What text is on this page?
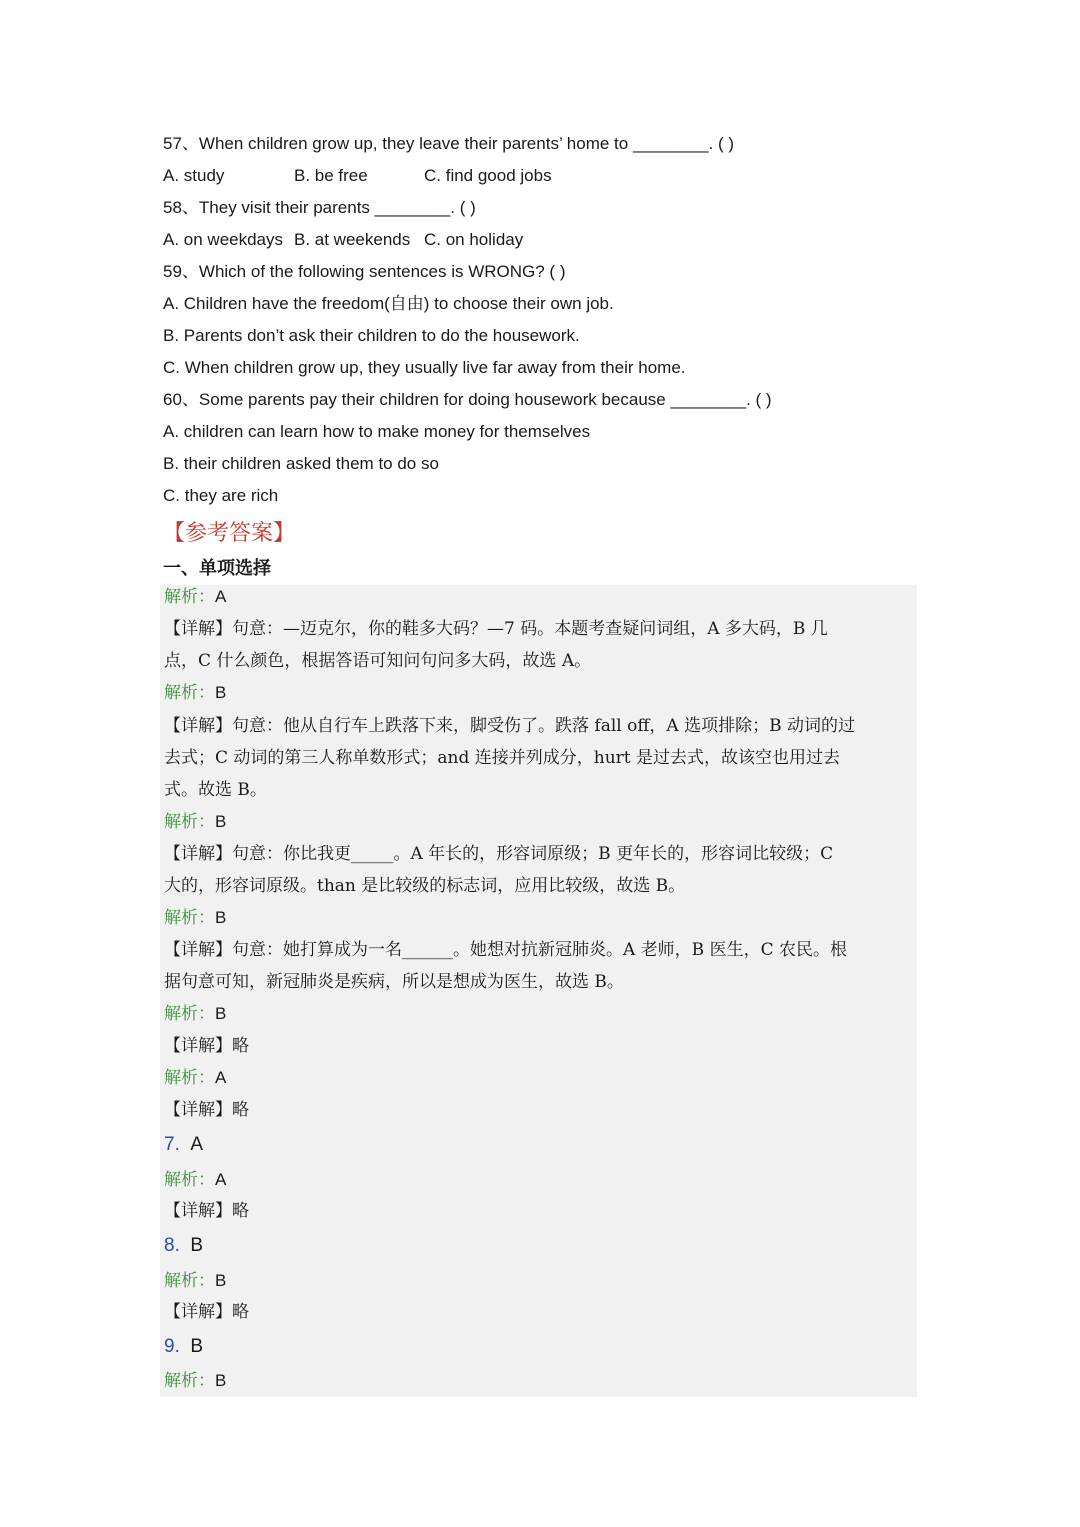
57、When children grow up, they leave their parents’ home to ________. ( )
A. study	B. be free	C. find good jobs
58、They visit their parents ________. ( )
A. on weekdays B. at weekends C. on holiday
59、Which of the following sentences is WRONG? ( )
A. Children have the freedom(自由) to choose their own job.
B. Parents don’t ask their children to do the housework.
C. When children grow up, they usually live far away from their home.
60、Some parents pay their children for doing housework because ________. ( )
A. children can learn how to make money for themselves
B. their children asked them to do so
C. they are rich
【参考答案】
一、单项选择
解析：A
【详解】句意：—迈克尔，你的鞋多大码？—7 码。本题考查疑问词组，A 多大码，B 几
点，C 什么颜色，根据答语可知问句问多大码，故选 A。
解析：B
【详解】句意：他从自行车上跌落下来，脚受伤了。跌落 fall off，A 选项排除；B 动词的过
去式；C 动词的第三人称单数形式；and 连接并列成分，hurt 是过去式，故该空也用过去
式。故选 B。
解析：B
【详解】句意：你比我更_____。A 年长的，形容词原级；B 更年长的，形容词比较级；C
大的，形容词原级。than 是比较级的标志词，应用比较级，故选 B。
解析：B
【详解】句意：她打算成为一名______。她想对抗新冠肺炎。A 老师，B 医生，C 农民。根
据句意可知，新冠肺炎是疾病，所以是想成为医生，故选 B。
解析：B
【详解】略
解析：A
【详解】略
7. A
解析：A
【详解】略
8. B
解析：B
【详解】略
9. B
解析：B
